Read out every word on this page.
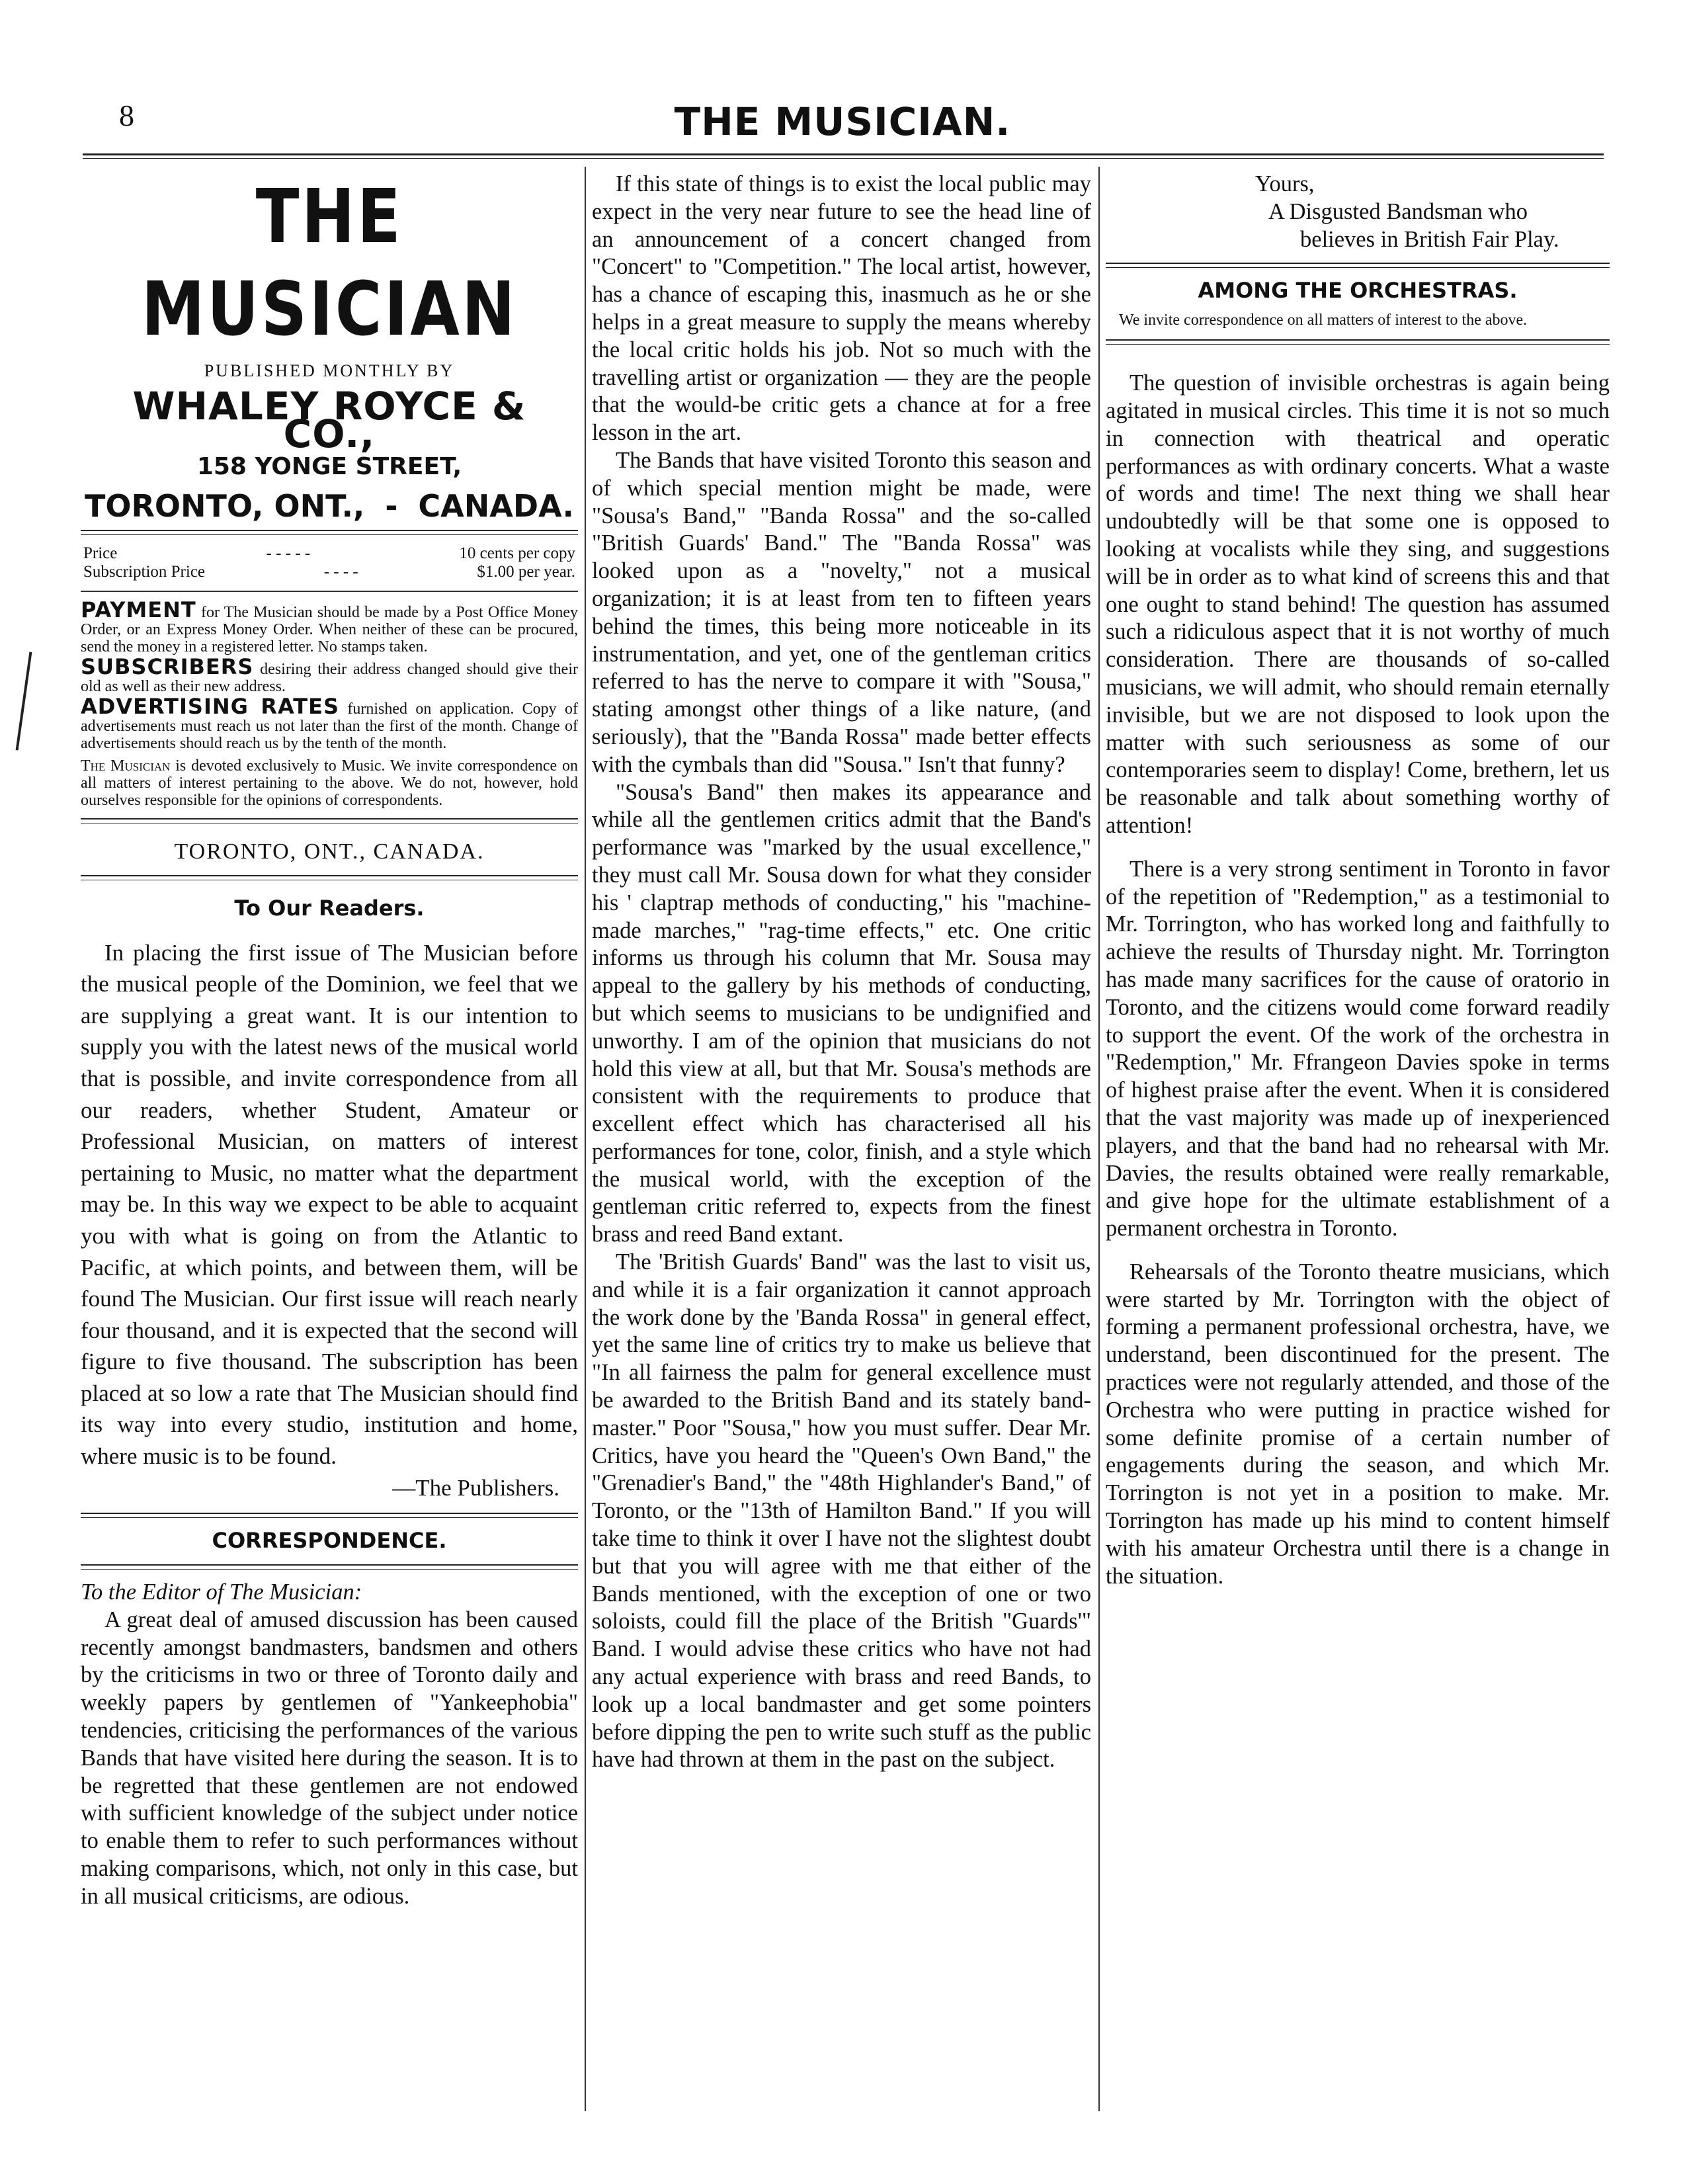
8	THE MUSICIAN.
THE MUSICIAN
PUBLISHED MONTHLY BY
WHALEY ROYCE & CO.,
158 YONGE STREET,
TORONTO, ONT., - CANADA.
Price	- - - - -	10 cents per copy
Subscription Price	- - - -	$1.00 per year.
PAYMENT for The Musician should be made by a Post Office Money Order, or an Express Money Order. When neither of these can be procured, send the money in a registered letter. No stamps taken.
SUBSCRIBERS desiring their address changed should give their old as well as their new address.
ADVERTISING RATES furnished on application. Copy of advertisements must reach us not later than the first of the month. Change of advertisements should reach us by the tenth of the month.
The Musician is devoted exclusively to Music. We invite correspondence on all matters of interest pertaining to the above. We do not, however, hold ourselves responsible for the opinions of correspondents.
TORONTO, ONT., CANADA.
To Our Readers.

In placing the first issue of The Musician before the musical people of the Dominion, we feel that we are supplying a great want. It is our intention to supply you with the latest news of the musical world that is possible, and invite correspondence from all our readers, whether Student, Amateur or Professional Musician, on matters of interest pertaining to Music, no matter what the department may be. In this way we expect to be able to acquaint you with what is going on from the Atlantic to Pacific, at which points, and between them, will be found The Musician. Our first issue will reach nearly four thousand, and it is expected that the second will figure to five thousand. The subscription has been placed at so low a rate that The Musician should find its way into every studio, institution and home, where music is to be found.

—The Publishers.

CORRESPONDENCE.

To the Editor of The Musician:

A great deal of amused discussion has been caused recently amongst bandmasters, bandsmen and others by the criticisms in two or three of Toronto daily and weekly papers by gentlemen of "Yankeephobia" tendencies, criticising the performances of the various Bands that have visited here during the season. It is to be regretted that these gentlemen are not endowed with sufficient knowledge of the subject under notice to enable them to refer to such performances without making comparisons, which, not only in this case, but in all musical criticisms, are odious.

If this state of things is to exist the local public may expect in the very near future to see the head line of an announcement of a concert changed from "Concert" to "Competition." The local artist, however, has a chance of escaping this, inasmuch as he or she helps in a great measure to supply the means whereby the local critic holds his job. Not so much with the travelling artist or organization — they are the people that the would-be critic gets a chance at for a free lesson in the art.

The Bands that have visited Toronto this season and of which special mention might be made, were "Sousa's Band," "Banda Rossa" and the so-called "British Guards' Band." The "Banda Rossa" was looked upon as a "novelty," not a musical organization; it is at least from ten to fifteen years behind the times, this being more noticeable in its instrumentation, and yet, one of the gentleman critics referred to has the nerve to compare it with "Sousa," stating amongst other things of a like nature, (and seriously), that the "Banda Rossa" made better effects with the cymbals than did "Sousa." Isn't that funny?

"Sousa's Band" then makes its appearance and while all the gentlemen critics admit that the Band's performance was "marked by the usual excellence," they must call Mr. Sousa down for what they consider his ' claptrap methods of conducting," his "machine-made marches," "rag-time effects," etc. One critic informs us through his column that Mr. Sousa may appeal to the gallery by his methods of conducting, but which seems to musicians to be undignified and unworthy. I am of the opinion that musicians do not hold this view at all, but that Mr. Sousa's methods are consistent with the requirements to produce that excellent effect which has characterised all his performances for tone, color, finish, and a style which the musical world, with the exception of the gentleman critic referred to, expects from the finest brass and reed Band extant.

The 'British Guards' Band" was the last to visit us, and while it is a fair organization it cannot approach the work done by the 'Banda Rossa" in general effect, yet the same line of critics try to make us believe that "In all fairness the palm for general excellence must be awarded to the British Band and its stately band-master." Poor "Sousa," how you must suffer. Dear Mr. Critics, have you heard the "Queen's Own Band," the "Grenadier's Band," the "48th Highlander's Band," of Toronto, or the "13th of Hamilton Band." If you will take time to think it over I have not the slightest doubt but that you will agree with me that either of the Bands mentioned, with the exception of one or two soloists, could fill the place of the British "Guards'" Band. I would advise these critics who have not had any actual experience with brass and reed Bands, to look up a local bandmaster and get some pointers before dipping the pen to write such stuff as the public have had thrown at them in the past on the subject.

Yours,

A Disgusted Bandsman who

believes in British Fair Play.

AMONG THE ORCHESTRAS.

We invite correspondence on all matters of interest to the above.

The question of invisible orchestras is again being agitated in musical circles. This time it is not so much in connection with theatrical and operatic performances as with ordinary concerts. What a waste of words and time! The next thing we shall hear undoubtedly will be that some one is opposed to looking at vocalists while they sing, and suggestions will be in order as to what kind of screens this and that one ought to stand behind! The question has assumed such a ridiculous aspect that it is not worthy of much consideration. There are thousands of so-called musicians, we will admit, who should remain eternally invisible, but we are not disposed to look upon the matter with such seriousness as some of our contemporaries seem to display! Come, brethern, let us be reasonable and talk about something worthy of attention!

There is a very strong sentiment in Toronto in favor of the repetition of "Redemption," as a testimonial to Mr. Torrington, who has worked long and faithfully to achieve the results of Thursday night. Mr. Torrington has made many sacrifices for the cause of oratorio in Toronto, and the citizens would come forward readily to support the event. Of the work of the orchestra in "Redemption," Mr. Ffrangeon Davies spoke in terms of highest praise after the event. When it is considered that the vast majority was made up of inexperienced players, and that the band had no rehearsal with Mr. Davies, the results obtained were really remarkable, and give hope for the ultimate establishment of a permanent orchestra in Toronto.

Rehearsals of the Toronto theatre musicians, which were started by Mr. Torrington with the object of forming a permanent professional orchestra, have, we understand, been discontinued for the present. The practices were not regularly attended, and those of the Orchestra who were putting in practice wished for some definite promise of a certain number of engagements during the season, and which Mr. Torrington is not yet in a position to make. Mr. Torrington has made up his mind to content himself with his amateur Orchestra until there is a change in the situation.
